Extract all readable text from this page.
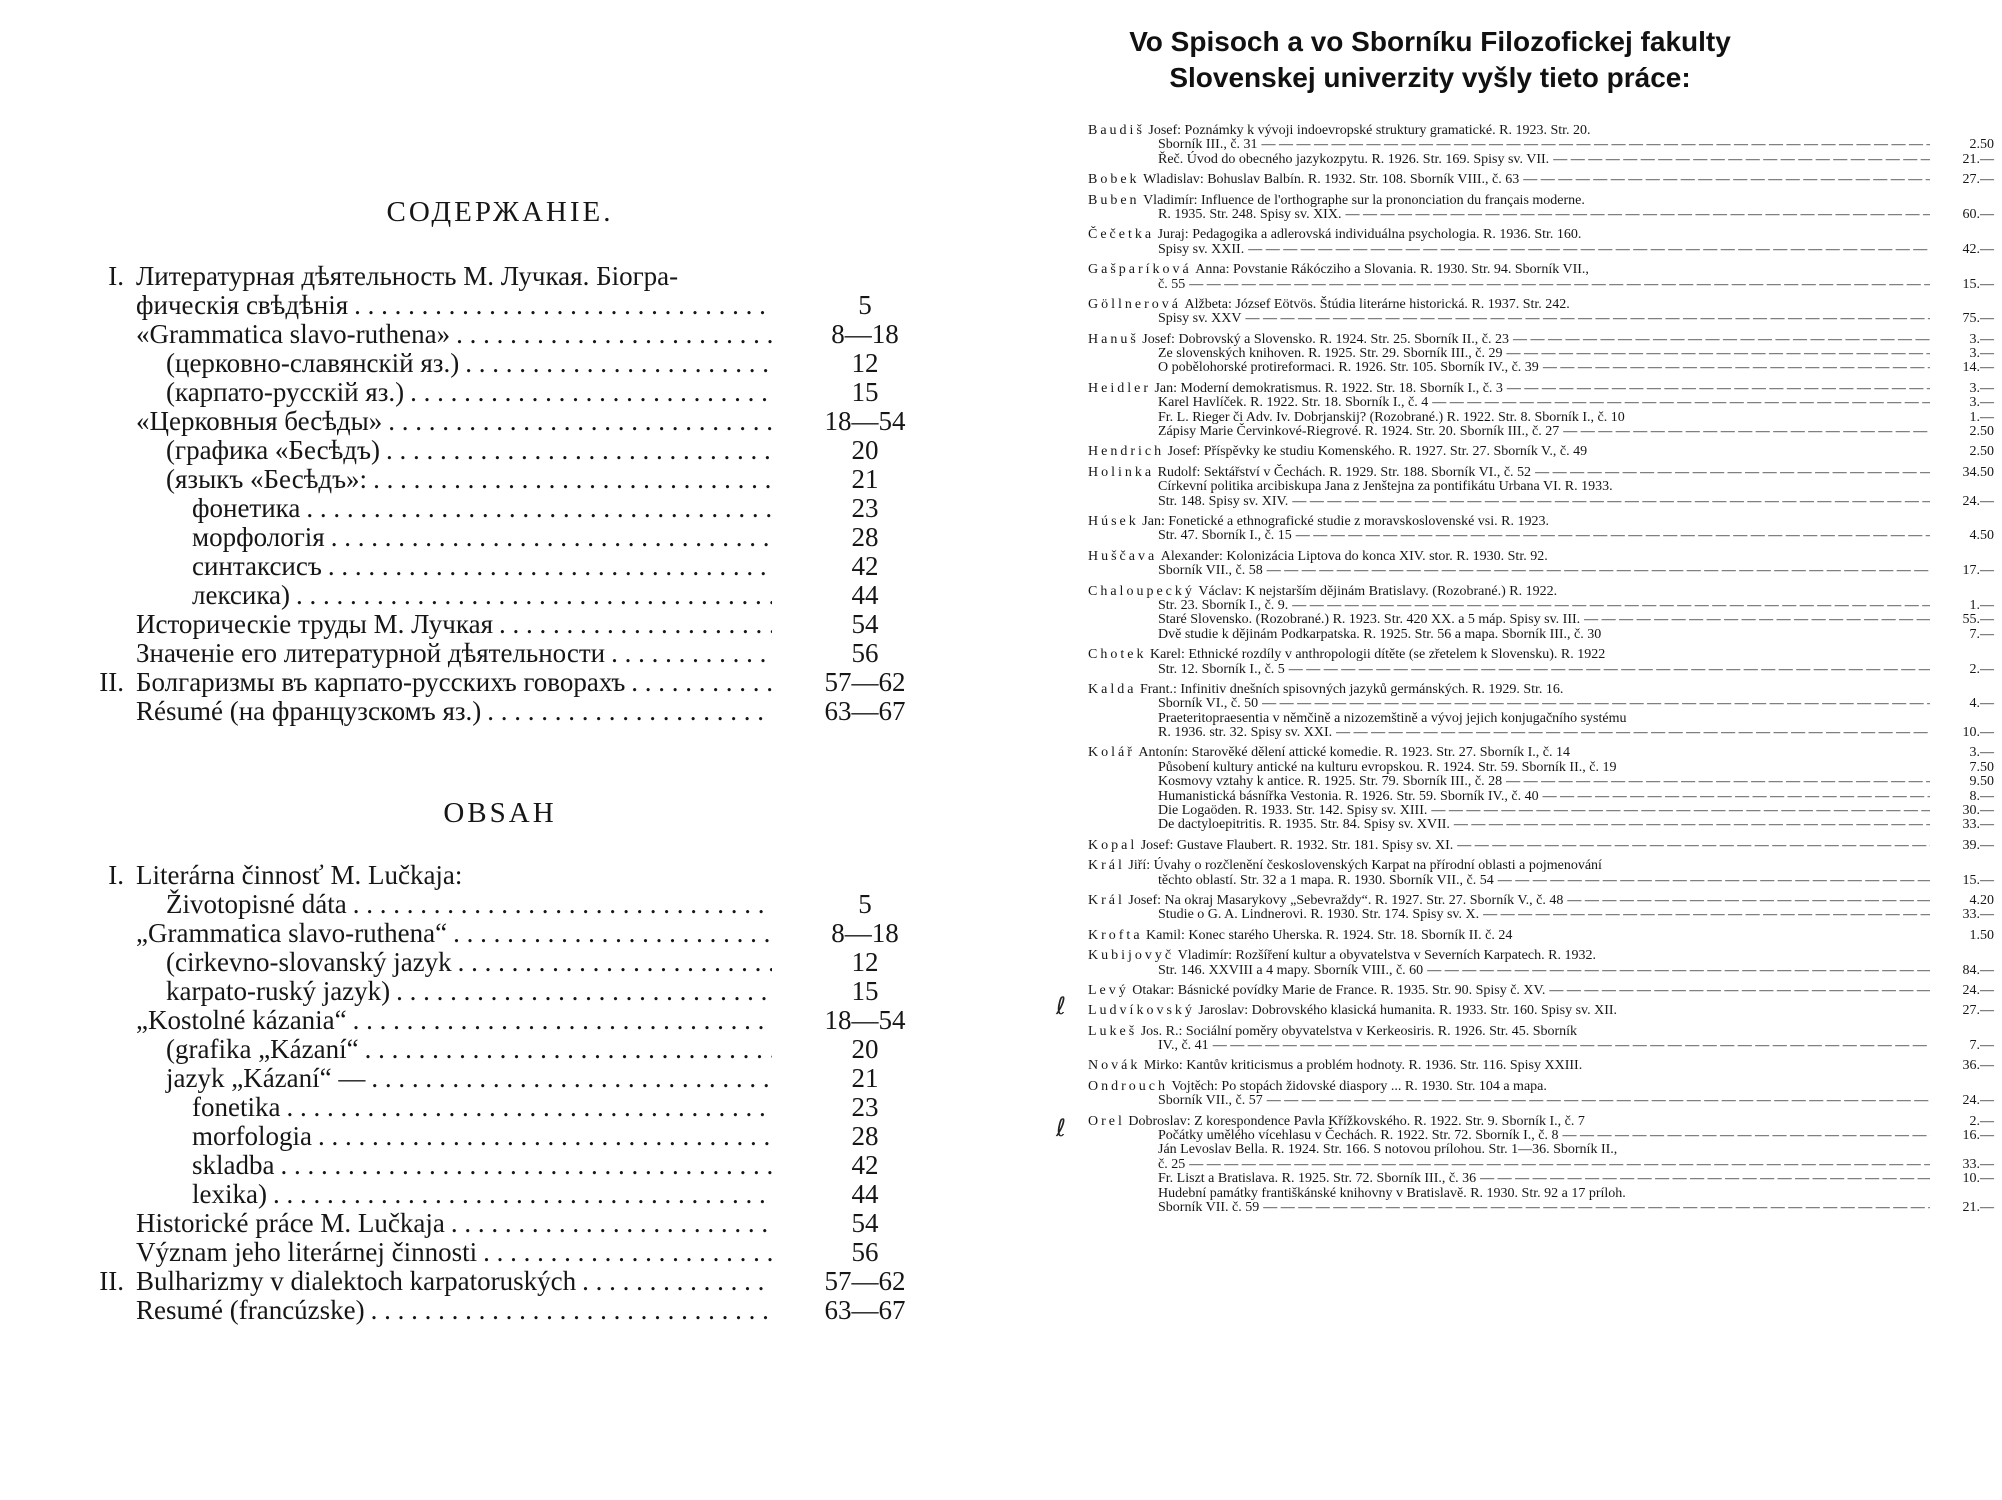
СОДЕРЖАНІЕ.
I. Литературная дѣятельность М. Лучкая. Біогра-
фическія свѣдѣнія . . .	5
«Grammatica slavo-ruthena» . . .	8—18
(церковно-славянскій яз.) . . .	12
(карпато-русскій яз.) . . .	15
«Церковныя бесѣды» . . .	18—54
(графика «Бесѣдъ) . . .	20
(языкъ «Бесѣдъ»: . . .	21
фонетика . . .	23
морфологія . . .	28
синтаксисъ . . .	42
лексика) . . .	44
Историческіе труды М. Лучкая . . .	54
Значеніе его литературной дѣятельности . . .	56
II. Болгаризмы въ карпато-русскихъ говорахъ . . .	57—62
Résumé (на французскомъ яз.) . . .	63—67
OBSAH
I. Literárna činnosť M. Lučkaja:
Životopisné dáta . . .	5
„Grammatica slavo-ruthena“ . . .	8—18
(cirkevno-slovanský jazyk . . .	12
karpato-ruský jazyk) . . .	15
„Kostolné kázania“ . . .	18—54
(grafika „Kázaní“ . . .	20
jazyk „Kázaní“ — . . .	21
fonetika . . .	23
morfologia . . .	28
skladba . . .	42
lexika) . . .	44
Historické práce M. Lučkaja . . .	54
Význam jeho literárnej činnosti . . .	56
II. Bulharizmy v dialektoch karpatoruských . . .	57—62
Resumé (francúzske) . . .	63—67
Vo Spisoch a vo Sborníku Filozofickej fakulty
Slovenskej univerzity vyšly tieto práce:
ℓ
ℓ
Baudiš
Josef: Poznámky k vývoji indoevropské struktury gramatické. R. 1923. Str. 20.
Sborník III., č. 31 — — —	2.50
Řeč. Úvod do obecného jazykozpytu. R. 1926. Str. 169. Spisy sv. VII. — — —	21.—
Bobek
Wladislav: Bohuslav Balbín. R. 1932. Str. 108. Sborník VIII., č. 63 — — —	27.—
Buben
Vladimír: Influence de l'orthographe sur la prononciation du français moderne.
R. 1935. Str. 248. Spisy sv. XIX. — — —	60.—
Čečetka
Juraj: Pedagogika a adlerovská individuálna psychologia. R. 1936. Str. 160.
Spisy sv. XXII. — — —	42.—
Gašparíková
Anna: Povstanie Rákócziho a Slovania. R. 1930. Str. 94. Sborník VII.,
č. 55 — — —	15.—
Göllnerová
Alžbeta: József Eötvös. Štúdia literárne historická. R. 1937. Str. 242.
Spisy sv. XXV — — —	75.—
Hanuš
Josef: Dobrovský a Slovensko. R. 1924. Str. 25. Sborník II., č. 23 — — —	3.—
Ze slovenských knihoven. R. 1925. Str. 29. Sborník III., č. 29 — — —	3.—
O pobělohorské protireformaci. R. 1926. Str. 105. Sborník IV., č. 39 — — —	14.—
Heidler
Jan: Moderní demokratismus. R. 1922. Str. 18. Sborník I., č. 3 — — —	3.—
Karel Havlíček. R. 1922. Str. 18. Sborník I., č. 4 — — —	3.—
Fr. L. Rieger či Adv. Iv. Dobrjanskij? (Rozobrané.) R. 1922. Str. 8. Sborník I., č. 10	1.—
Zápisy Marie Červinkové-Riegrové. R. 1924. Str. 20. Sborník III., č. 27 — — —	2.50
Hendrich
Josef: Příspěvky ke studiu Komenského. R. 1927. Str. 27. Sborník V., č. 49	2.50
Holinka
Rudolf: Sektářství v Čechách. R. 1929. Str. 188. Sborník VI., č. 52 — — —	34.50
Církevní politika arcibiskupa Jana z Jenštejna za pontifikátu Urbana VI. R. 1933.
Str. 148. Spisy sv. XIV. — — —	24.—
Húsek
Jan: Fonetické a ethnografické studie z moravskoslovenské vsi. R. 1923.
Str. 47. Sborník I., č. 15 — — —	4.50
Huščava
Alexander: Kolonizácia Liptova do konca XIV. stor. R. 1930. Str. 92.
Sborník VII., č. 58 — — —	17.—
Chaloupecký
Václav: K nejstarším dějinám Bratislavy. (Rozobrané.) R. 1922.
Str. 23. Sborník I., č. 9. — — —	1.—
Staré Slovensko. (Rozobrané.) R. 1923. Str. 420 XX. a 5 máp. Spisy sv. III. — — —	55.—
Dvě studie k dějinám Podkarpatska. R. 1925. Str. 56 a mapa. Sborník III., č. 30	7.—
Chotek
Karel: Ethnické rozdíly v anthropologii dítěte (se zřetelem k Slovensku). R. 1922
Str. 12. Sborník I., č. 5 — — —	2.—
Kalda
Frant.: Infinitiv dnešních spisovných jazyků germánských. R. 1929. Str. 16.
Sborník VI., č. 50 — — —	4.—
Praeteritopraesentia v němčině a nizozemštině a vývoj jejich konjugačního systému
R. 1936. str. 32. Spisy sv. XXI. — — —	10.—
Kolář
Antonín: Starověké dělení attické komedie. R. 1923. Str. 27. Sborník I., č. 14	3.—
Působení kultury antické na kulturu evropskou. R. 1924. Str. 59. Sborník II., č. 19	7.50
Kosmovy vztahy k antice. R. 1925. Str. 79. Sborník III., č. 28 — — —	9.50
Humanistická básnířka Vestonia. R. 1926. Str. 59. Sborník IV., č. 40 — — —	8.—
Die Logaöden. R. 1933. Str. 142. Spisy sv. XIII. — — —	30.—
De dactyloepitritis. R. 1935. Str. 84. Spisy sv. XVII. — — —	33.—
Kopal
Josef: Gustave Flaubert. R. 1932. Str. 181. Spisy sv. XI. — — —	39.—
Král
Jiří: Úvahy o rozčlenění československých Karpat na přírodní oblasti a pojmenování
těchto oblastí. Str. 32 a 1 mapa. R. 1930. Sborník VII., č. 54 — — —	15.—
Král
Josef: Na okraj Masarykovy „Sebevraždy“. R. 1927. Str. 27. Sborník V., č. 48 — — —	4.20
Studie o G. A. Lindnerovi. R. 1930. Str. 174. Spisy sv. X. — — —	33.—
Krofta
Kamil: Konec starého Uherska. R. 1924. Str. 18. Sborník II. č. 24	1.50
Kubijovyč
Vladimír: Rozšíření kultur a obyvatelstva v Severních Karpatech. R. 1932.
Str. 146. XXVIII a 4 mapy. Sborník VIII., č. 60 — — —	84.—
Levý
Otakar: Básnické povídky Marie de France. R. 1935. Str. 90. Spisy č. XV. — — —	24.—
Ludvíkovský
Jaroslav: Dobrovského klasická humanita. R. 1933. Str. 160. Spisy sv. XII.	27.—
Lukeš
Jos. R.: Sociální poměry obyvatelstva v Kerkeosiris. R. 1926. Str. 45. Sborník
IV., č. 41 — — —	7.—
Novák
Mirko: Kantův kriticismus a problém hodnoty. R. 1936. Str. 116. Spisy XXIII.	36.—
Ondrouch
Vojtěch: Po stopách židovské diaspory ... R. 1930. Str. 104 a mapa.
Sborník VII., č. 57 — — —	24.—
Orel
Dobroslav: Z korespondence Pavla Křížkovského. R. 1922. Str. 9. Sborník I., č. 7	2.—
Počátky umělého vícehlasu v Čechách. R. 1922. Str. 72. Sborník I., č. 8 — — —	16.—
Ján Levoslav Bella. R. 1924. Str. 166. S notovou prílohou. Str. 1—36. Sborník II.,
č. 25 — — —	33.—
Fr. Liszt a Bratislava. R. 1925. Str. 72. Sborník III., č. 36 — — —	10.—
Hudební památky františkánské knihovny v Bratislavě. R. 1930. Str. 92 a 17 príloh.
Sborník VII. č. 59 — — —	21.—
